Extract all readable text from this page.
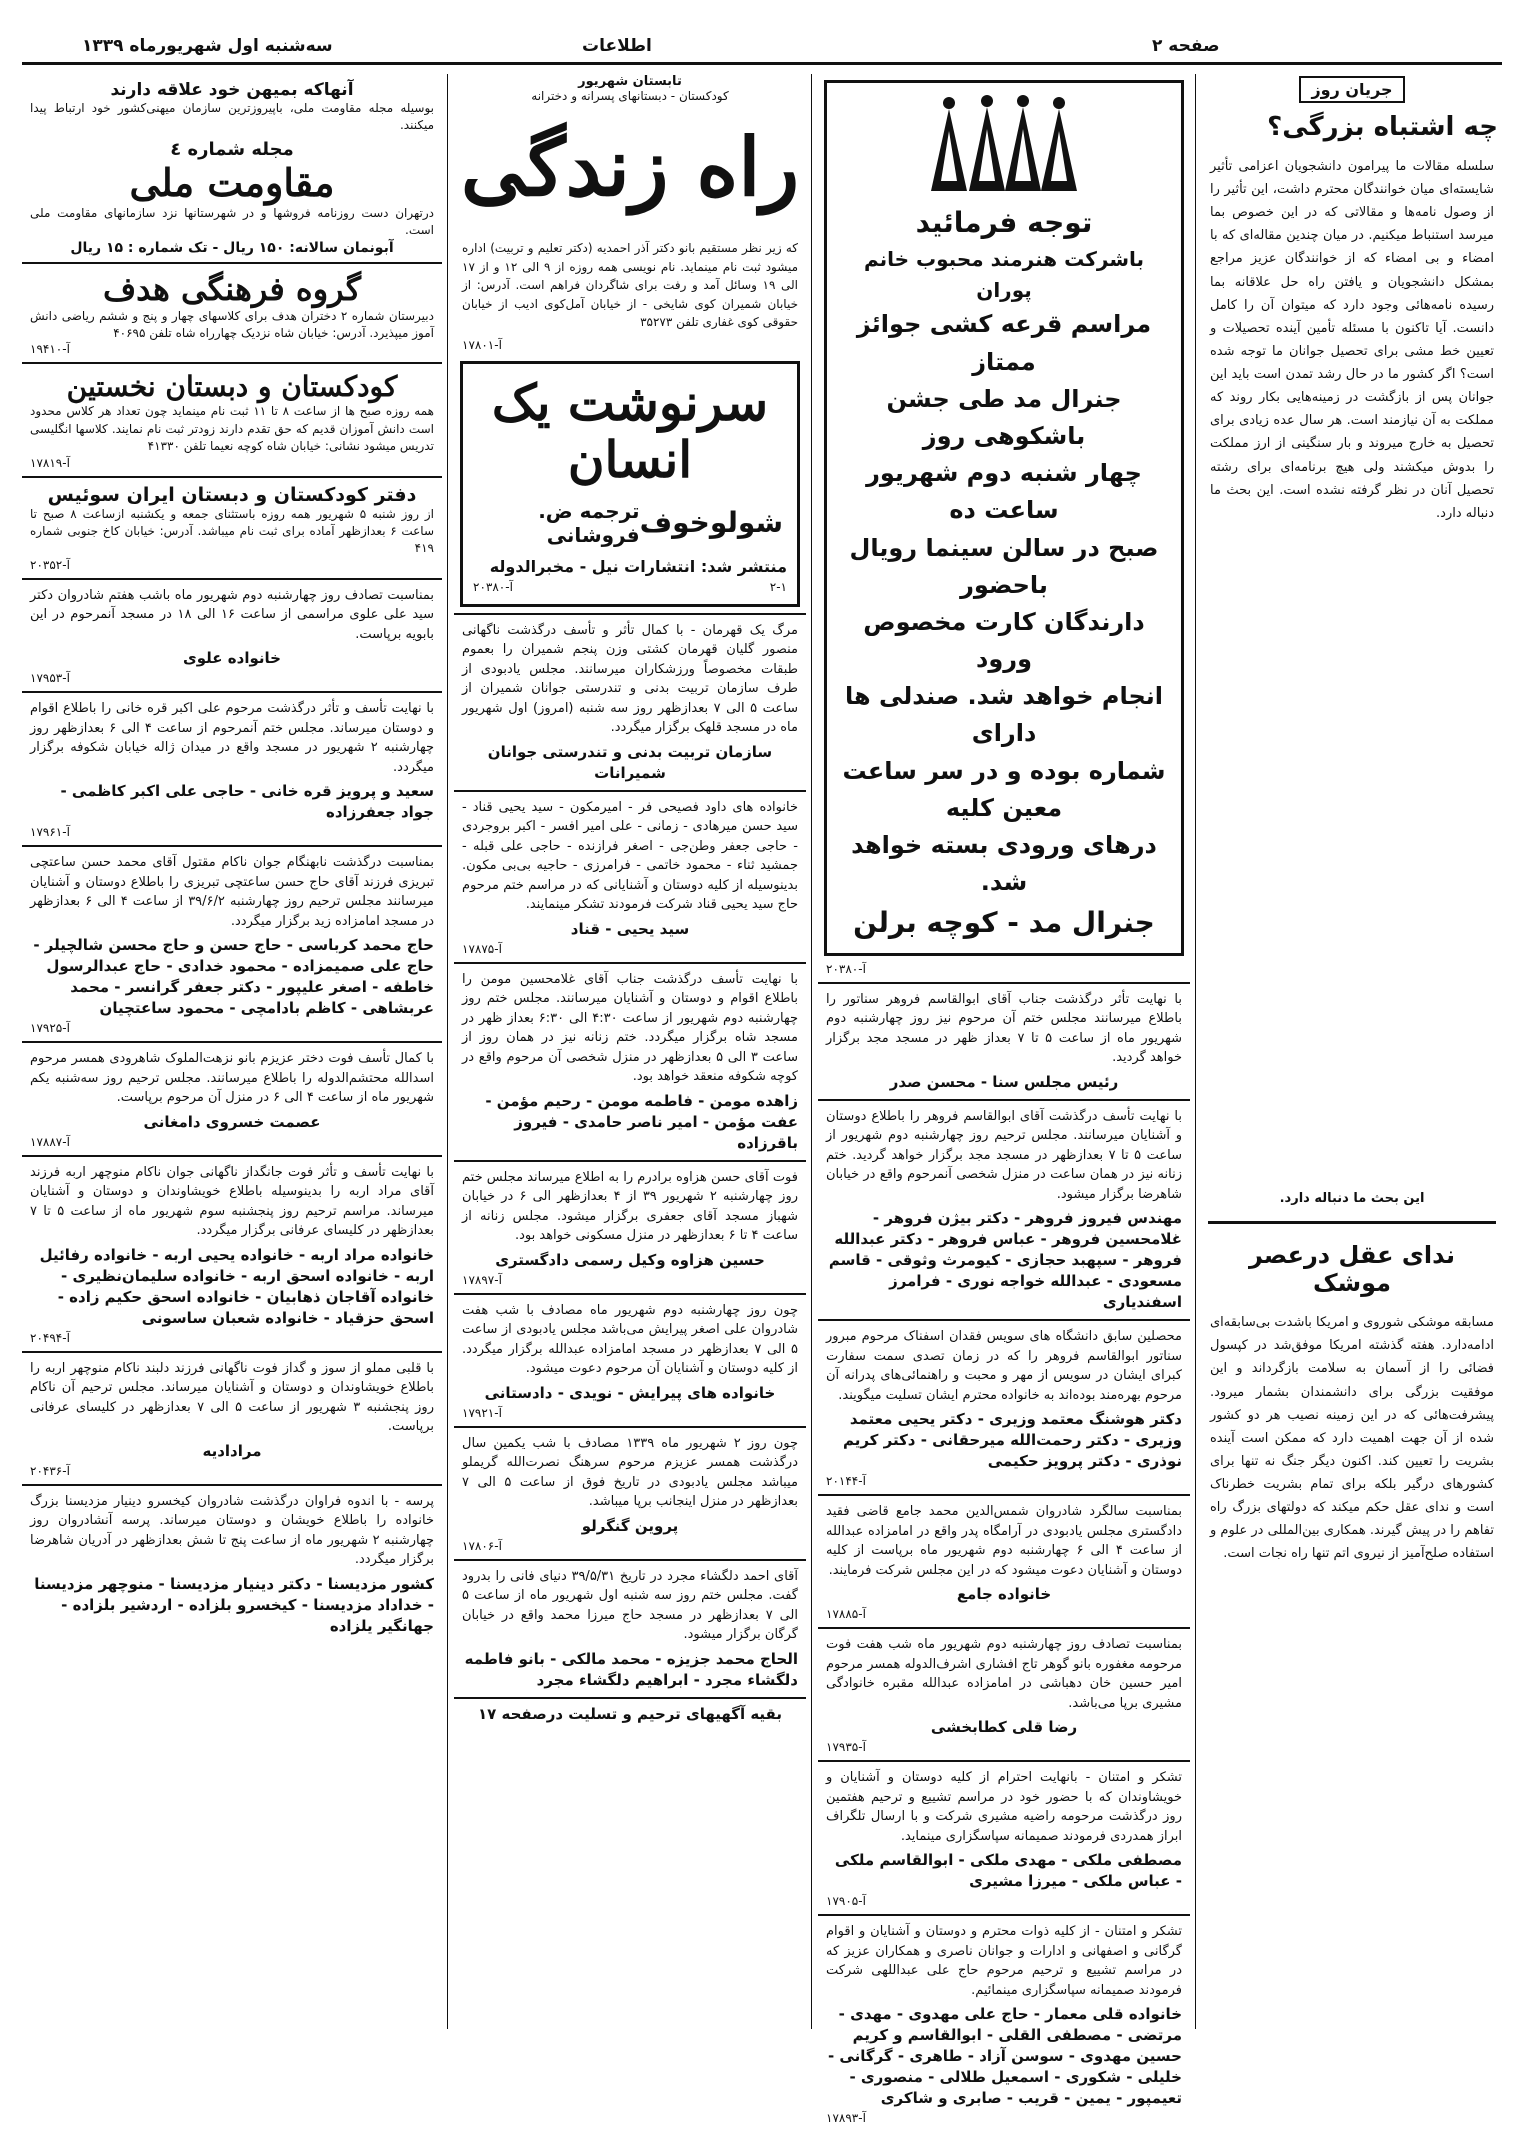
سه‌شنبه اول شهریورماه ۱۳۳۹	اطلاعات	صفحه ۲
جریان روز
چه اشتباه بزرگی؟
سلسله مقالات ما پیرامون دانشجویان اعزامی تأثیر شایسته‌ای میان خوانندگان محترم داشت، این تأثیر را از وصول نامه‌ها و مقالاتی که در این خصوص بما میرسد استنباط میکنیم. در میان چندین مقاله‌ای که با امضاء و بی امضاء که از خوانندگان عزیز مراجع بمشکل دانشجویان و یافتن راه حل علاقانه بما رسیده نامه‌هائی وجود دارد که میتوان آن را کامل دانست. آیا تاکنون با مسئله تأمین آینده تحصیلات و تعیین خط مشی برای تحصیل جوانان ما توجه شده است؟ اگر کشور ما در حال رشد تمدن است باید این جوانان پس از بازگشت در زمینه‌هایی بکار روند که مملکت به آن نیازمند است. هر سال عده زیادی برای تحصیل به خارج میروند و بار سنگینی از ارز مملکت را بدوش میکشند ولی هیچ برنامه‌ای برای رشته تحصیل آنان در نظر گرفته نشده است. این بحث ما دنباله دارد.
این بحث ما دنباله دارد.
ندای عقل درعصر موشک
مسابقه موشکی شوروی و امریکا باشدت بی‌سابقه‌ای ادامه‌دارد. هفته گذشته امریکا موفق‌شد در کپسول فضائی را از آسمان به سلامت بازگرداند و این موفقیت بزرگی برای دانشمندان بشمار میرود. پیشرفت‌هائی که در این زمینه نصیب هر دو کشور شده از آن جهت اهمیت دارد که ممکن است آینده بشریت را تعیین کند. اکنون دیگر جنگ نه تنها برای کشورهای درگیر بلکه برای تمام بشریت خطرناک است و ندای عقل حکم میکند که دولتهای بزرگ راه تفاهم را در پیش گیرند. همکاری بین‌المللی در علوم و استفاده صلح‌آمیز از نیروی اتم تنها راه نجات است.
توجه فرمائید
باشرکت هنرمند محبوب خانم پوران
مراسم قرعه کشی جوائز ممتاز
جنرال مد طی جشن باشکوهی روز
چهار شنبه دوم شهریور ساعت ده
صبح در سالن سینما رویال باحضور
دارندگان کارت مخصوص ورود
انجام خواهد شد. صندلی ها دارای
شماره بوده و در سر ساعت معین کلیه
درهای ورودی بسته خواهد شد.
جنرال مد - کوچه برلن
آ-۲۰۳۸۰
با نهایت تأثر درگذشت جناب آقای ابوالقاسم فروهر سناتور را باطلاع میرسانند مجلس ختم آن مرحوم نیز روز چهارشنبه دوم شهریور ماه از ساعت ۵ تا ۷ بعداز ظهر در مسجد مجد برگزار خواهد گردید.
رئیس مجلس سنا - محسن صدر
با نهایت تأسف درگذشت آقای ابوالقاسم فروهر را باطلاع دوستان و آشنایان میرسانند. مجلس ترحیم روز چهارشنبه دوم شهریور از ساعت ۵ تا ۷ بعدازظهر در مسجد مجد برگزار خواهد گردید. ختم زنانه نیز در همان ساعت در منزل شخصی آنمرحوم واقع در خیابان شاهرضا برگزار میشود.
مهندس فیروز فروهر - دکتر بیژن فروهر - غلامحسین فروهر - عباس فروهر - دکتر عبدالله فروهر - سپهبد حجازی - کیومرث وثوقی - قاسم مسعودی - عبدالله خواجه نوری - فرامرز اسفندیاری
محصلین سابق دانشگاه های سویس فقدان اسفناک مرحوم مبرور سناتور ابوالقاسم فروهر را که در زمان تصدی سمت سفارت کبرای ایشان در سویس از مهر و محبت و راهنمائی‌های پدرانه آن مرحوم بهره‌مند بوده‌اند به خانواده محترم ایشان تسلیت میگویند.
دکتر هوشنگ معتمد وزیری - دکتر یحیی معتمد وزیری - دکتر رحمت‌الله میرحقانی - دکتر کریم نوذری - دکتر پرویز حکیمی
آ-۲۰۱۴۴
بمناسبت سالگرد شادروان شمس‌الدین محمد جامع قاضی فقید دادگستری مجلس یادبودی در آرامگاه پدر واقع در امامزاده عبدالله از ساعت ۴ الی ۶ چهارشنبه دوم شهریور ماه برپاست از کلیه دوستان و آشنایان دعوت میشود که در این مجلس شرکت فرمایند.
خانواده جامع
آ-۱۷۸۸۵
بمناسبت تصادف روز چهارشنبه دوم شهریور ماه شب هفت فوت مرحومه مغفوره بانو گوهر تاج افشاری اشرف‌الدوله همسر مرحوم امیر حسین خان دهباشی در امامزاده عبدالله مقبره خانوادگی مشیری برپا می‌باشد.
رضا قلی کطابخشی
آ-۱۷۹۳۵
تشکر و امتنان - بانهایت احترام از کلیه دوستان و آشنایان و خویشاوندان که با حضور خود در مراسم تشییع و ترحیم هفتمین روز درگذشت مرحومه راضیه مشیری شرکت و با ارسال تلگراف ابراز همدردی فرمودند صمیمانه سپاسگزاری مینماید.
مصطفی ملکی - مهدی ملکی - ابوالقاسم ملکی - عباس ملکی - میرزا مشیری
آ-۱۷۹۰۵
تشکر و امتنان - از کلیه ذوات محترم و دوستان و آشنایان و اقوام گرگانی و اصفهانی و ادارات و جوانان ناصری و همکاران عزیز که در مراسم تشییع و ترحیم مرحوم حاج علی عبداللهی شرکت فرمودند صمیمانه سپاسگزاری مینمائیم.
خانواده قلی معمار - حاج علی مهدوی - مهدی - مرتضی - مصطفی القلی - ابوالقاسم و کریم حسین مهدوی - سوسن آزاد - طاهری - گرگانی - خلیلی - شکوری - اسمعیل طلالی - منصوری - تعیمپور - یمین - قریب - صابری و شاکری
آ-۱۷۸۹۳
تابستان شهریور
کودکستان - دبستانهای پسرانه و دخترانه
راه زندگی
که زیر نظر مستقیم بانو دکتر آذر احمدیه (دکتر تعلیم و تربیت) اداره میشود ثبت نام مینماید. نام نویسی همه روزه از ۹ الی ۱۲ و از ۱۷ الی ۱۹ وسائل آمد و رفت برای شاگردان فراهم است. آدرس: از خیابان شمیران کوی شایخی - از خیابان آمل‌کوی ادیب از خیابان حقوقی کوی غفاری تلفن ۳۵۲۷۳
آ-۱۷۸۰۱
سرنوشت یک انسان
شولوخوف
ترجمه ض. فروشانی
منتشر شد: انتشارات نیل - مخبرالدوله
آ-۲۰۳۸۰	۲-۱
مرگ یک قهرمان - با کمال تأثر و تأسف درگذشت ناگهانی منصور گلیان قهرمان کشتی وزن پنجم شمیران را بعموم طبقات مخصوصاً ورزشکاران میرسانند. مجلس یادبودی از طرف سازمان تربیت بدنی و تندرستی جوانان شمیران از ساعت ۵ الی ۷ بعدازظهر روز سه شنبه (امروز) اول شهریور ماه در مسجد قلهک برگزار میگردد.
سازمان تربیت بدنی و تندرستی جوانان شمیرانات
خانواده های داود فصیحی فر - امیرمکون - سید یحیی قناد - سید حسن میرهادی - زمانی - علی امیر افسر - اکبر بروجردی - حاجی جعفر وطن‌جی - اصغر فرازنده - حاجی علی قبله - جمشید ثناء - محمود خاتمی - فرامرزی - حاجیه بی‌بی مکون. بدینوسیله از کلیه دوستان و آشنایانی که در مراسم ختم مرحوم حاج سید یحیی قناد شرکت فرمودند تشکر مینمایند.
سید یحیی - قناد
آ-۱۷۸۷۵
با نهایت تأسف درگذشت جناب آقای غلامحسین مومن را باطلاع اقوام و دوستان و آشنایان میرسانند. مجلس ختم روز چهارشنبه دوم شهریور از ساعت ۴:۳۰ الی ۶:۳۰ بعداز ظهر در مسجد شاه برگزار میگردد. ختم زنانه نیز در همان روز از ساعت ۳ الی ۵ بعدازظهر در منزل شخصی آن مرحوم واقع در کوچه شکوفه منعقد خواهد بود.
زاهده مومن - فاطمه مومن - رحیم مؤمن - عفت مؤمن - امیر ناصر حامدی - فیروز باقرزاده
فوت آقای حسن هزاوه برادرم را به اطلاع میرساند مجلس ختم روز چهارشنبه ۲ شهریور ۳۹ از ۴ بعدازظهر الی ۶ در خیابان شهباز مسجد آقای جعفری برگزار میشود. مجلس زنانه از ساعت ۴ تا ۶ بعدازظهر در منزل مسکونی خواهد بود.
حسین هزاوه وکیل رسمی دادگستری
آ-۱۷۸۹۷
چون روز چهارشنبه دوم شهریور ماه مصادف با شب هفت شادروان علی اصغر پیرایش می‌باشد مجلس یادبودی از ساعت ۵ الی ۷ بعدازظهر در مسجد امامزاده عبدالله برگزار میگردد. از کلیه دوستان و آشنایان آن مرحوم دعوت میشود.
خانواده های پیرایش - نویدی - دادستانی
آ-۱۷۹۲۱
چون روز ۲ شهریور ماه ۱۳۳۹ مصادف با شب یکمین سال درگذشت همسر عزیزم مرحوم سرهنگ نصرت‌الله گریملو میباشد مجلس یادبودی در تاریخ فوق از ساعت ۵ الی ۷ بعدازظهر در منزل اینجانب برپا میباشد.
پروین گنگرلو
آ-۱۷۸۰۶
آقای احمد دلگشاء مجرد در تاریخ ۳۹/۵/۳۱ دنیای فانی را بدرود گفت. مجلس ختم روز سه شنبه اول شهریور ماه از ساعت ۵ الی ۷ بعدازظهر در مسجد حاج میرزا محمد واقع در خیابان گرگان برگزار میشود.
الحاج محمد جزیزه - محمد مالکی - بانو فاطمه دلگشاء مجرد - ابراهیم دلگشاء مجرد
بقیه آگهیهای ترحیم و تسلیت درصفحه ۱۷
آنهاکه بمیهن خود علاقه دارند
بوسیله مجله مقاومت ملی، باپیروزترین سازمان میهنی‌کشور خود ارتباط پیدا میکنند.
مجله شماره ٤
مقاومت ملی
درتهران دست روزنامه فروشها و در شهرستانها نزد سازمانهای مقاومت ملی است.
آبونمان سالانه: ۱۵۰ ریال - تک شماره : ۱۵ ریال
گروه فرهنگی هدف
دبیرستان شماره ۲ دختران هدف برای کلاسهای چهار و پنج و ششم ریاضی دانش آموز میپذیرد. آدرس: خیابان شاه نزدیک چهارراه شاه تلفن ۴۰۶۹۵
آ-۱۹۴۱۰
کودکستان و دبستان نخستین
همه روزه صبح ها از ساعت ۸ تا ۱۱ ثبت نام مینماید چون تعداد هر کلاس محدود است دانش آموزان قدیم که حق تقدم دارند زودتر ثبت نام نمایند. کلاسها انگلیسی تدریس میشود نشانی: خیابان شاه کوچه نعیما تلفن ۴۱۳۳۰
آ-۱۷۸۱۹
دفتر کودکستان و دبستان ایران سوئیس
از روز شنبه ۵ شهریور همه روزه باستثنای جمعه و یکشنبه ازساعت ۸ صبح تا ساعت ۶ بعدازظهر آماده برای ثبت نام میباشد. آدرس: خیابان کاخ جنوبی شماره ۴۱۹
آ-۲۰۳۵۲
بمناسبت تصادف روز چهارشنبه دوم شهریور ماه باشب هفتم شادروان دکتر سید علی علوی مراسمی از ساعت ۱۶ الی ۱۸ در مسجد آنمرحوم در این بابویه برپاست.
خانواده علوی
آ-۱۷۹۵۳
با نهایت تأسف و تأثر درگذشت مرحوم علی اکبر قره خانی را باطلاع اقوام و دوستان میرساند. مجلس ختم آنمرحوم از ساعت ۴ الی ۶ بعدازظهر روز چهارشنبه ۲ شهریور در مسجد واقع در میدان ژاله خیابان شکوفه برگزار میگردد.
سعید و پرویز قره خانی - حاجی علی اکبر کاظمی - جواد جعفرزاده
آ-۱۷۹۶۱
بمناسبت درگذشت نابهنگام جوان ناکام مقتول آقای محمد حسن ساعتچی تبریزی فرزند آقای حاج حسن ساعتچی تبریزی را باطلاع دوستان و آشنایان میرسانند مجلس ترحیم روز چهارشنبه ۳۹/۶/۲ از ساعت ۴ الی ۶ بعدازظهر در مسجد امامزاده زید برگزار میگردد.
حاج محمد کرباسی - حاج حسن و حاج محسن شالچیلر - حاج علی صمیمزاده - محمود خدادی - حاج عبدالرسول خاطفه - اصغر علیپور - دکتر جعفر گرانسر - محمد عربشاهی - کاظم بادامچی - محمود ساعتچیان
آ-۱۷۹۲۵
با کمال تأسف فوت دختر عزیزم بانو نزهت‌الملوک شاهرودی همسر مرحوم اسدالله محتشم‌الدوله را باطلاع میرسانند. مجلس ترحیم روز سه‌شنبه یکم شهریور ماه از ساعت ۴ الی ۶ در منزل آن مرحوم برپاست.
عصمت خسروی دامغانی
آ-۱۷۸۸۷
با نهایت تأسف و تأثر فوت جانگداز ناگهانی جوان ناکام منوچهر اربه فرزند آقای مراد اربه را بدینوسیله باطلاع خویشاوندان و دوستان و آشنایان میرساند. مراسم ترحیم روز پنجشنبه سوم شهریور ماه از ساعت ۵ تا ۷ بعدازظهر در کلیسای عرفانی برگزار میگردد.
خانواده مراد اربه - خانواده یحیی اربه - خانواده رفائیل اربه - خانواده اسحق اربه - خانواده سلیمان‌نظیری - خانواده آقاجان ذهابیان - خانواده اسحق حکیم زاده - اسحق حزقیاد - خانواده شعبان ساسونی
آ-۲۰۴۹۴
با قلبی مملو از سوز و گداز فوت ناگهانی فرزند دلبند ناکام منوچهر اربه را باطلاع خویشاوندان و دوستان و آشنایان میرساند. مجلس ترحیم آن ناکام روز پنجشنبه ۳ شهریور از ساعت ۵ الی ۷ بعدازظهر در کلیسای عرفانی برپاست.
مرادادیه
آ-۲۰۴۳۶
پرسه - با اندوه فراوان درگذشت شادروان کیخسرو دینیار مزدیسنا بزرگ خانواده را باطلاع خویشان و دوستان میرساند. پرسه آنشادروان روز چهارشنبه ۲ شهریور ماه از ساعت پنج تا شش بعدازظهر در آدریان شاهرضا برگزار میگردد.
کشور مزدیسنا - دکتر دینیار مزدیسنا - منوچهر مزدیسنا - خداداد مزدیسنا - کیخسرو بلزاده - اردشیر بلزاده - جهانگیر یلزاده
